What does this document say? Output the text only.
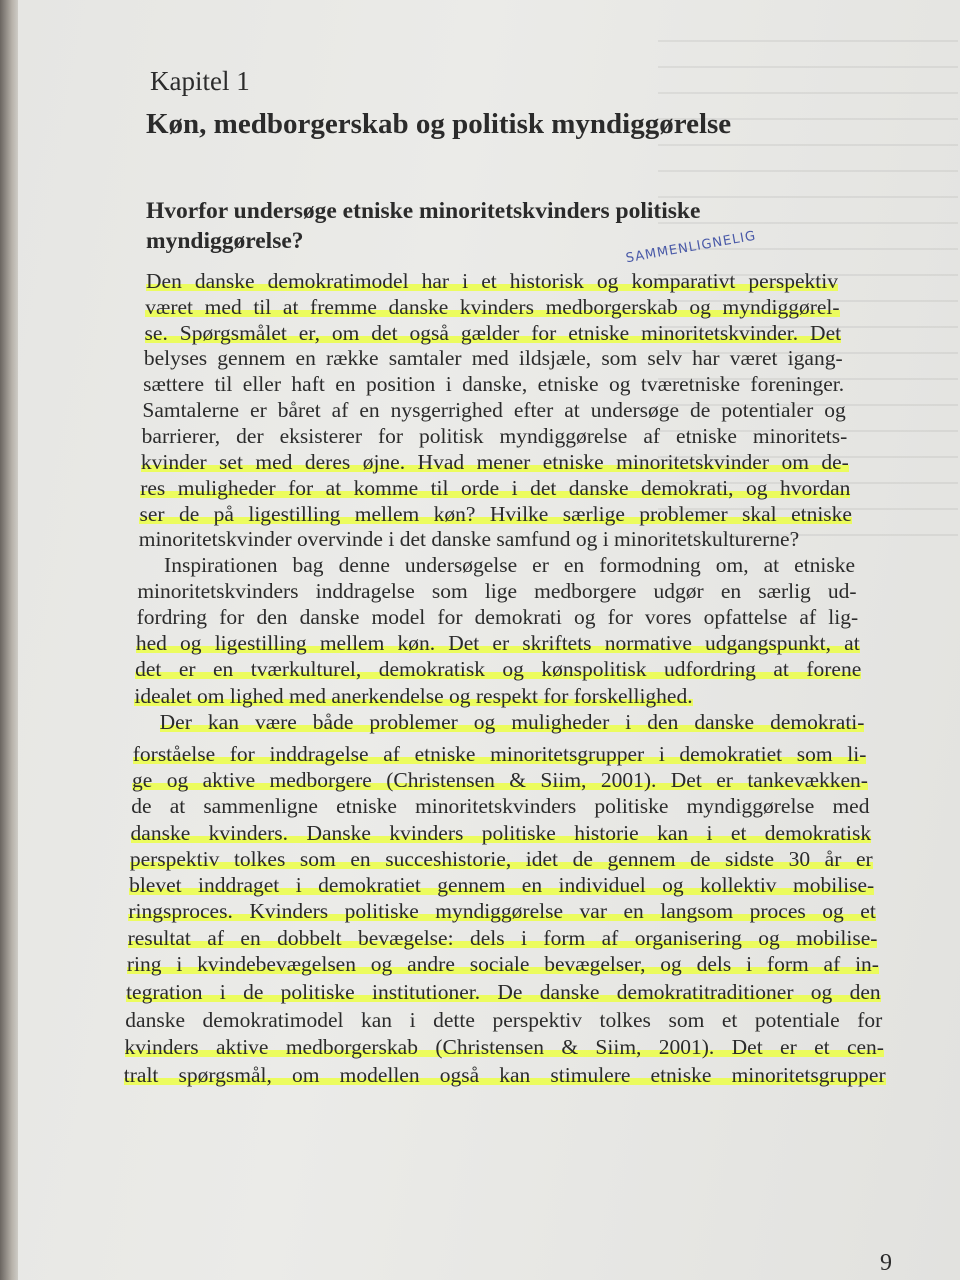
Kapitel 1
Køn, medborgerskab og politisk myndiggørelse
Hvorfor undersøge etniske minoritetskvinders politiske
myndiggørelse?	SAMMENLIGNELIG
Den danske demokratimodel har i et historisk og komparativt perspektiv
været med til at fremme danske kvinders medborgerskab og myndiggørel-
se. Spørgsmålet er, om det også gælder for etniske minoritetskvinder. Det
belyses gennem en række samtaler med ildsjæle, som selv har været igang-
sættere til eller haft en position i danske, etniske og tværetniske foreninger.
Samtalerne er båret af en nysgerrighed efter at undersøge de potentialer og
barrierer, der eksisterer for politisk myndiggørelse af etniske minoritets-
kvinder set med deres øjne. Hvad mener etniske minoritetskvinder om de-
res muligheder for at komme til orde i det danske demokrati, og hvordan
ser de på ligestilling mellem køn? Hvilke særlige problemer skal etniske
minoritetskvinder overvinde i det danske samfund og i minoritetskulturerne?
Inspirationen bag denne undersøgelse er en formodning om, at etniske
minoritetskvinders inddragelse som lige medborgere udgør en særlig ud-
fordring for den danske model for demokrati og for vores opfattelse af lig-
hed og ligestilling mellem køn. Det er skriftets normative udgangspunkt, at
det er en tværkulturel, demokratisk og kønspolitisk udfordring at forene
idealet om lighed med anerkendelse og respekt for forskellighed.
Der kan være både problemer og muligheder i den danske demokrati-
forståelse for inddragelse af etniske minoritetsgrupper i demokratiet som li-
ge og aktive medborgere (Christensen & Siim, 2001). Det er tankevækken-
de at sammenligne etniske minoritetskvinders politiske myndiggørelse med
danske kvinders. Danske kvinders politiske historie kan i et demokratisk
perspektiv tolkes som en succeshistorie, idet de gennem de sidste 30 år er
blevet inddraget i demokratiet gennem en individuel og kollektiv mobilise-
ringsproces. Kvinders politiske myndiggørelse var en langsom proces og et
resultat af en dobbelt bevægelse: dels i form af organisering og mobilise-
ring i kvindebevægelsen og andre sociale bevægelser, og dels i form af in-
tegration i de politiske institutioner. De danske demokratitraditioner og den
danske demokratimodel kan i dette perspektiv tolkes som et potentiale for
kvinders aktive medborgerskab (Christensen & Siim, 2001). Det er et cen-
tralt spørgsmål, om modellen også kan stimulere etniske minoritetsgrupper
9
